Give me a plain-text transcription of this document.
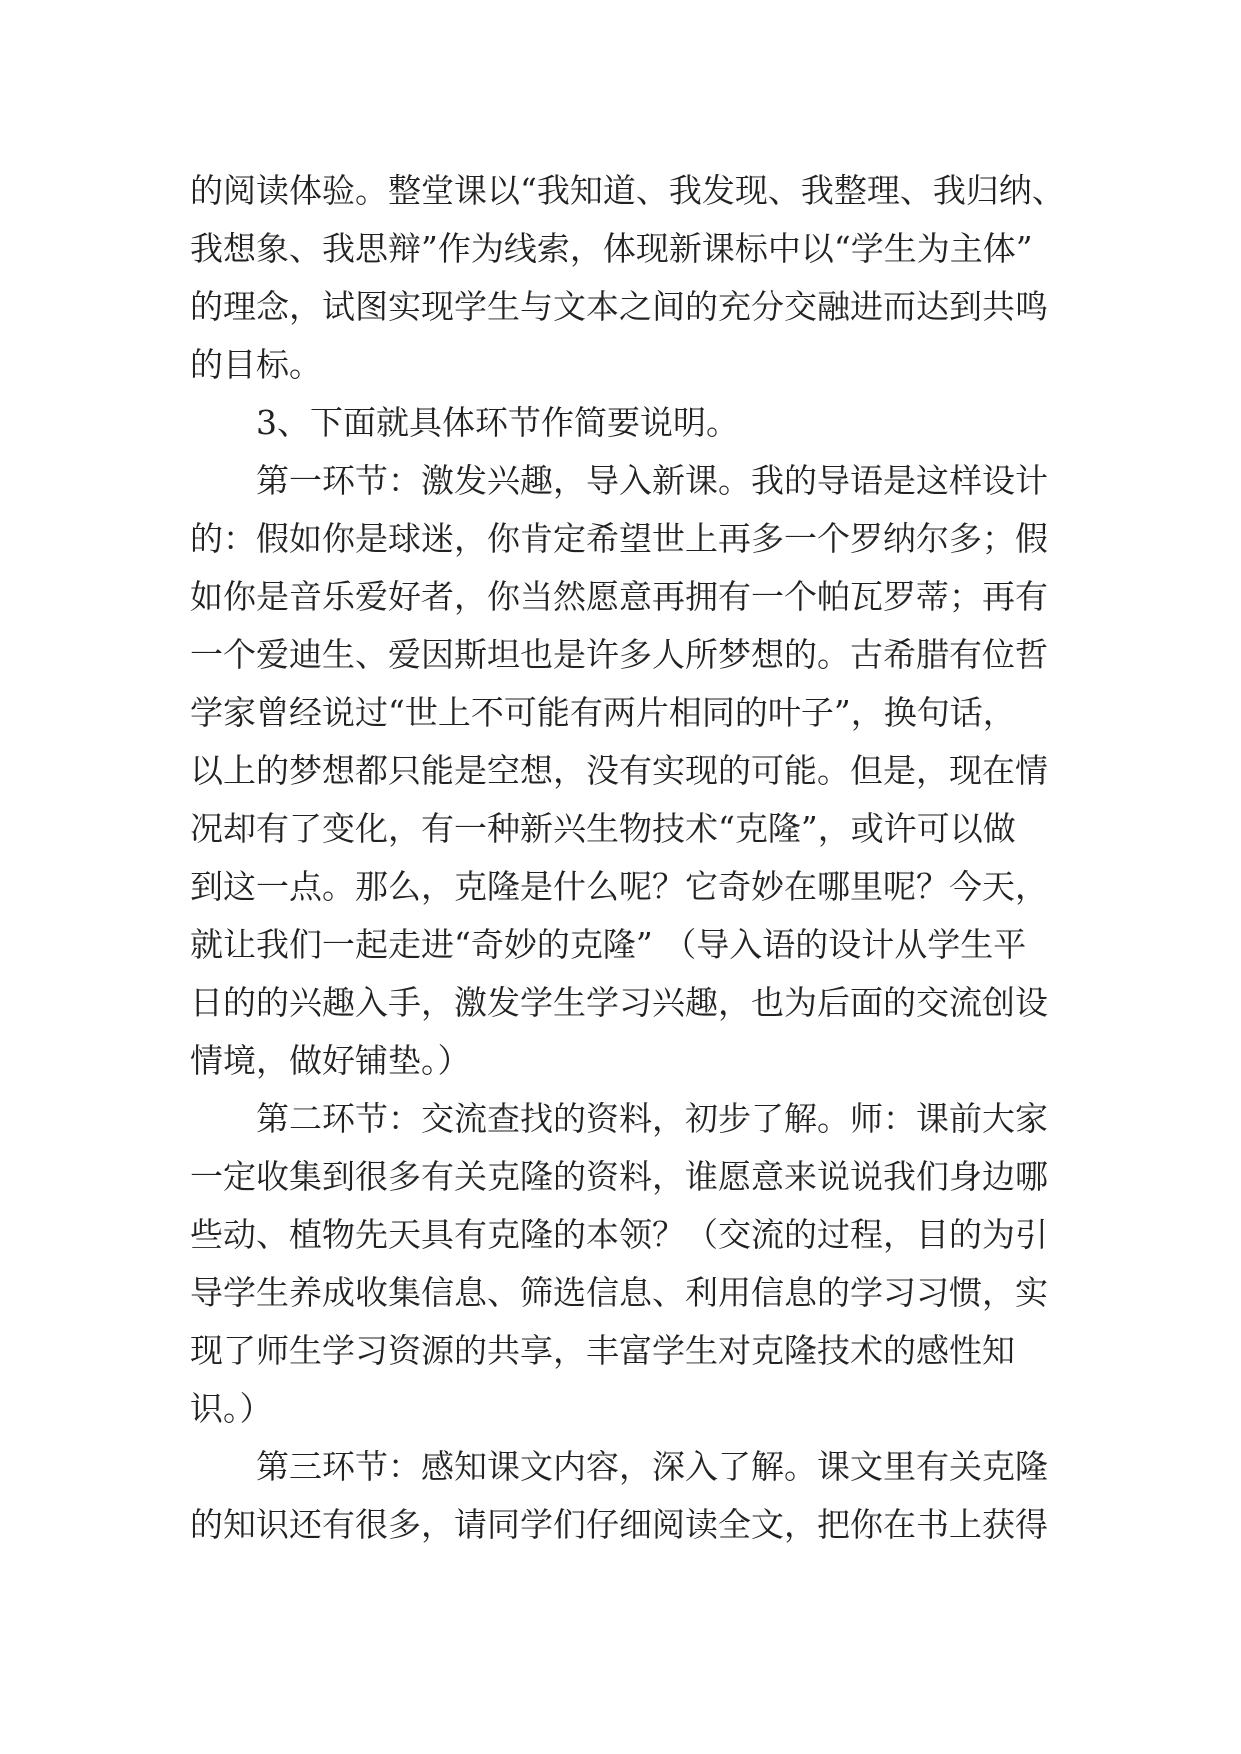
的阅读体验。整堂课以“我知道、我发现、我整理、我归纳、
我想象、我思辩”作为线索，体现新课标中以“学生为主体”
的理念，试图实现学生与文本之间的充分交融进而达到共鸣
的目标。
3、下面就具体环节作简要说明。
第一环节：激发兴趣，导入新课。我的导语是这样设计
的：假如你是球迷，你肯定希望世上再多一个罗纳尔多；假
如你是音乐爱好者，你当然愿意再拥有一个帕瓦罗蒂；再有
一个爱迪生、爱因斯坦也是许多人所梦想的。古希腊有位哲
学家曾经说过“世上不可能有两片相同的叶子”，换句话，
以上的梦想都只能是空想，没有实现的可能。但是，现在情
况却有了变化，有一种新兴生物技术“克隆”，或许可以做
到这一点。那么，克隆是什么呢？它奇妙在哪里呢？今天，
就让我们一起走进“奇妙的克隆” （导入语的设计从学生平
日的的兴趣入手，激发学生学习兴趣，也为后面的交流创设
情境，做好铺垫。）
第二环节：交流查找的资料，初步了解。师：课前大家
一定收集到很多有关克隆的资料，谁愿意来说说我们身边哪
些动、植物先天具有克隆的本领？（交流的过程，目的为引
导学生养成收集信息、筛选信息、利用信息的学习习惯，实
现了师生学习资源的共享，丰富学生对克隆技术的感性知
识。）
第三环节：感知课文内容，深入了解。课文里有关克隆
的知识还有很多，请同学们仔细阅读全文，把你在书上获得
